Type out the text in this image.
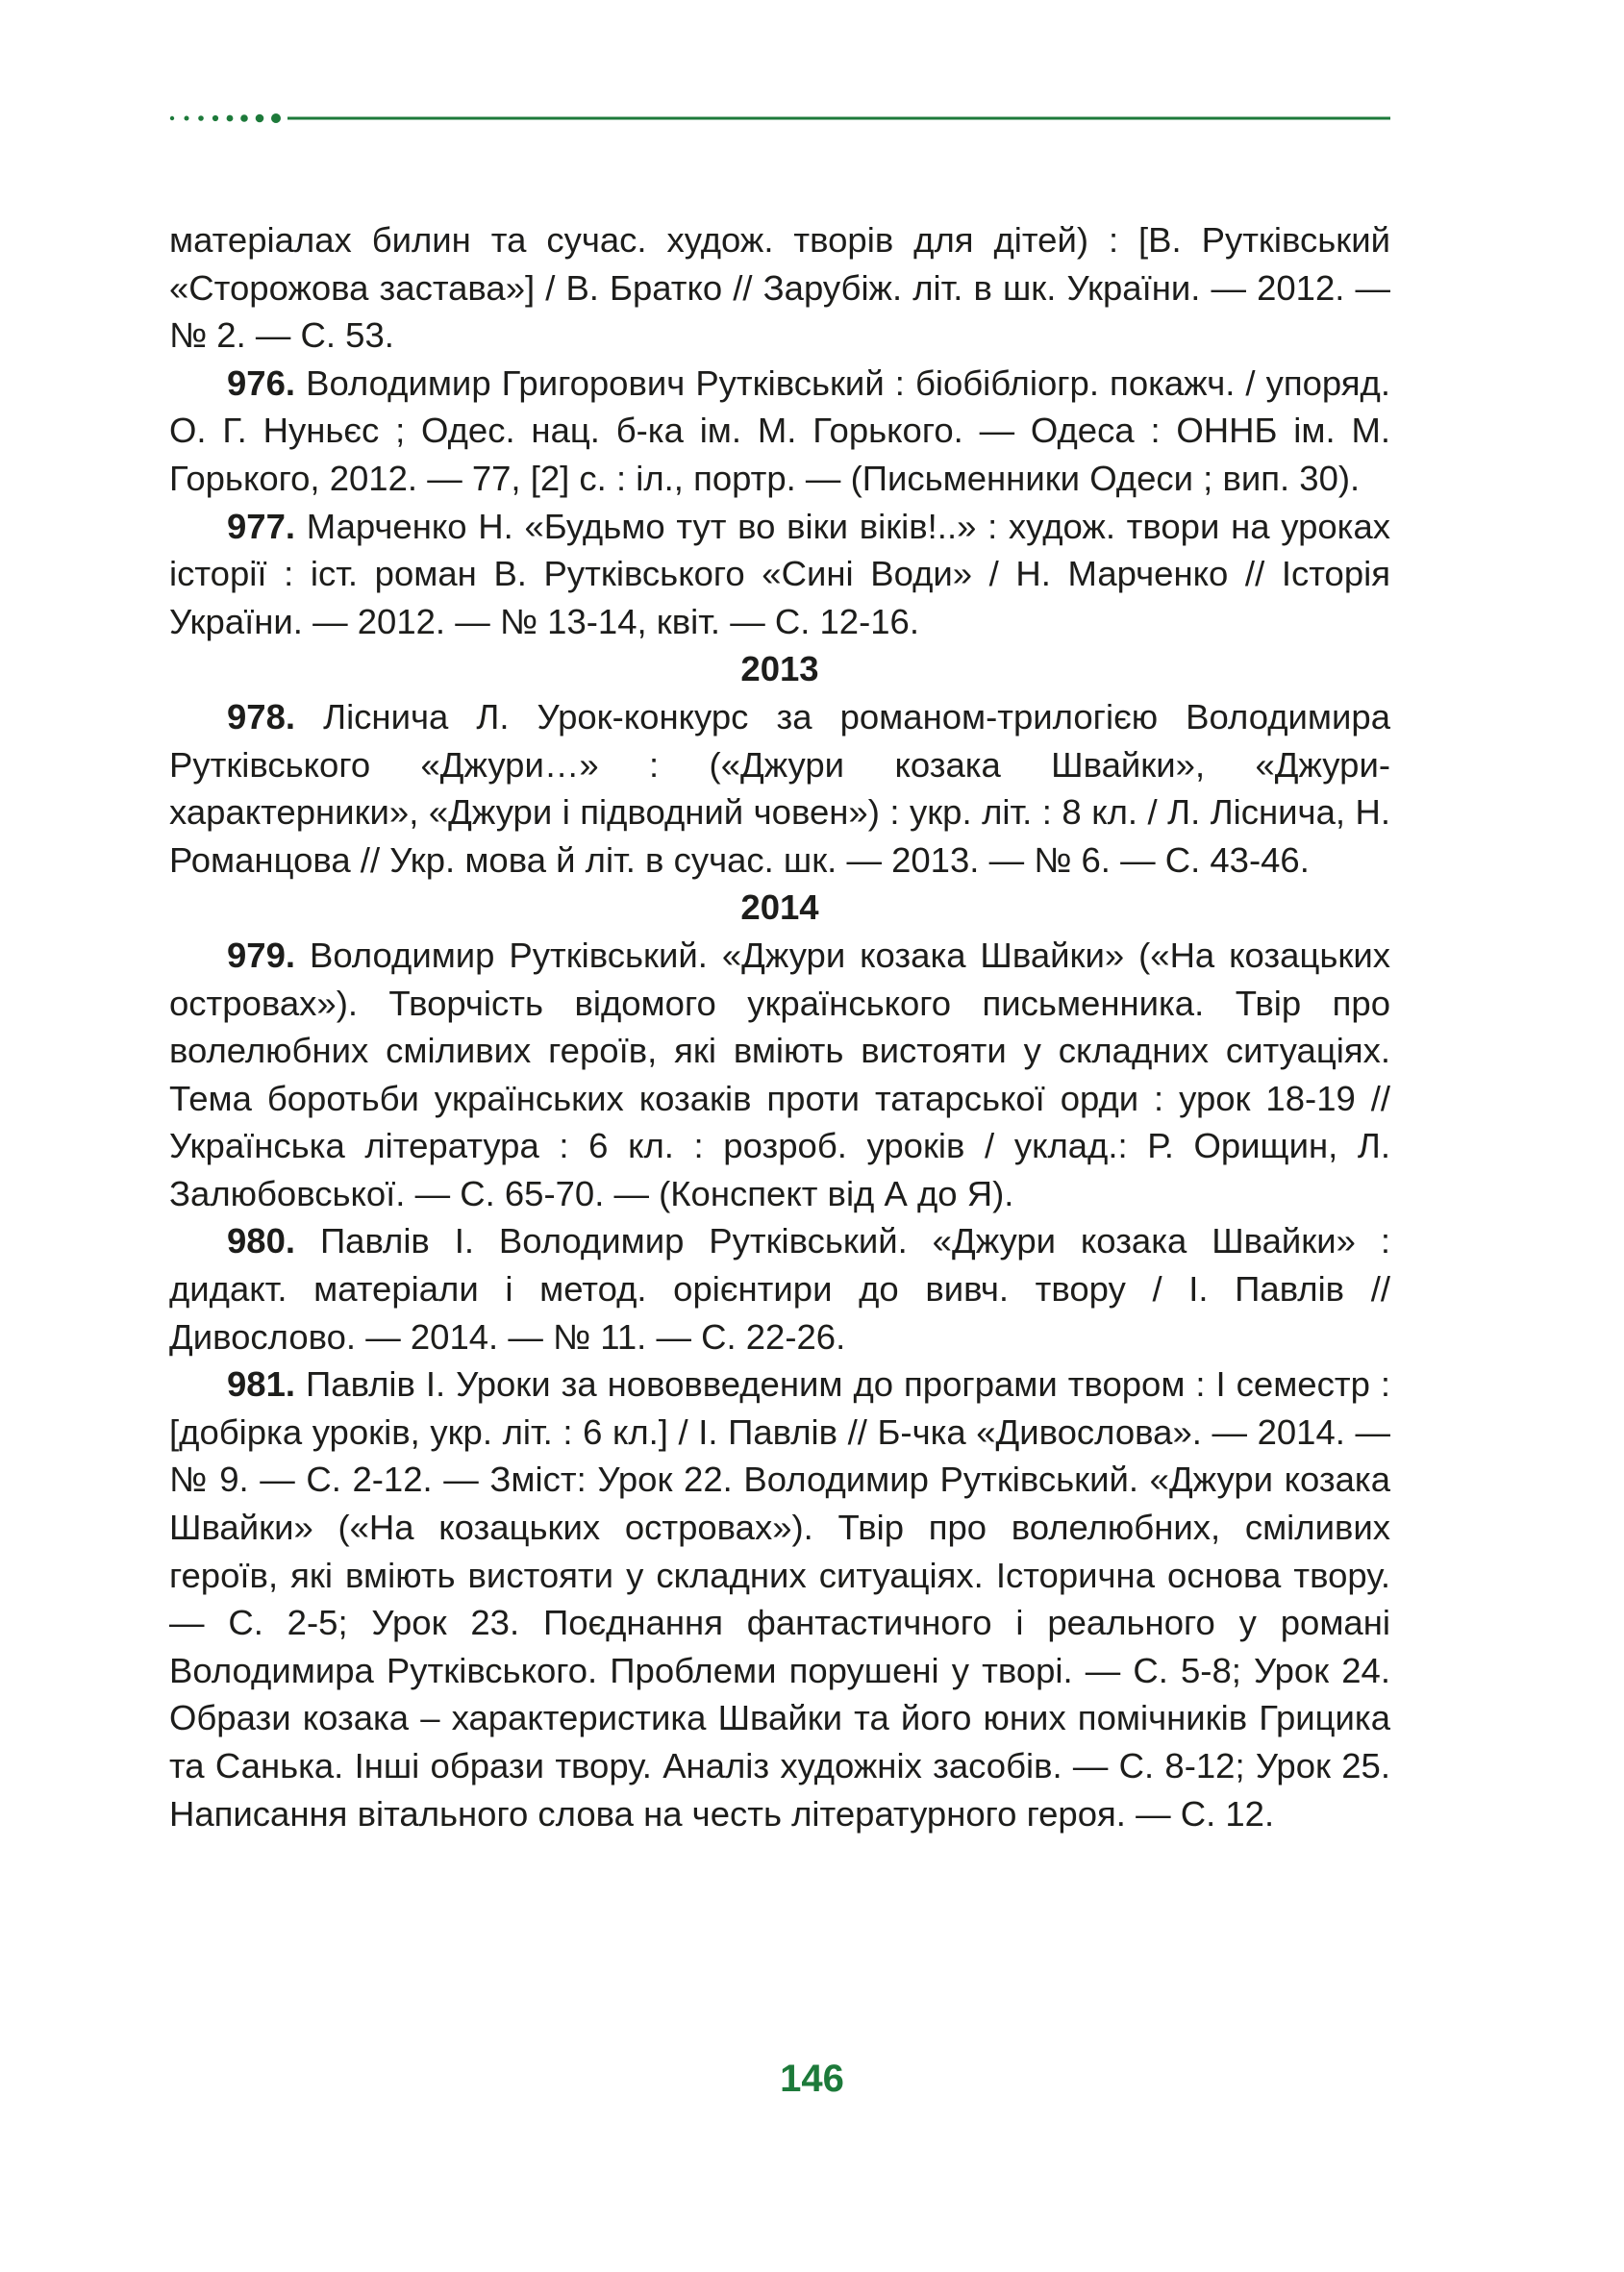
матеріалах билин та сучас. худож. творів для дітей) : [В. Рутківський «Сторожова застава»] / В. Братко // Зарубіж. літ. в шк. України. — 2012. — № 2. — С. 53.

976. Володимир Григорович Рутківський : біобібліогр. покажч. / упоряд. О. Г. Нуньєс ; Одес. нац. б-ка ім. М. Горького. — Одеса : ОННБ ім. М. Горького, 2012. — 77, [2] с. : іл., портр. — (Письменники Одеси ; вип. 30).

977. Марченко Н. «Будьмо тут во віки віків!..» : худож. твори на уроках історії : іст. роман В. Рутківського «Сині Води» / Н. Марченко // Історія України. — 2012. — № 13-14, квіт. — С. 12-16.

2013

978. Ліснича Л. Урок-конкурс за романом-трилогією Володимира Рутківського «Джури…» : («Джури козака Швайки», «Джури-характерники», «Джури і підводний човен») : укр. літ. : 8 кл. / Л. Ліснича, Н. Романцова // Укр. мова й літ. в сучас. шк. — 2013. — № 6. — С. 43-46.

2014

979. Володимир Рутківський. «Джури козака Швайки» («На козацьких островах»). Творчість відомого українського письменника. Твір про волелюбних сміливих героїв, які вміють вистояти у складних ситуаціях. Тема боротьби українських козаків проти татарської орди : урок 18-19 // Українська література : 6 кл. : розроб. уроків / уклад.: Р. Орищин, Л. Залюбовської. — С. 65-70. — (Конспект від А до Я).

980. Павлів І. Володимир Рутківський. «Джури козака Швайки» : дидакт. матеріали і метод. орієнтири до вивч. твору / І. Павлів // Дивослово. — 2014. — № 11. — С. 22-26.

981. Павлів І. Уроки за нововведеним до програми твором : І семестр : [добірка уроків, укр. літ. : 6 кл.] / І. Павлів // Б-чка «Дивослова». — 2014. — № 9. — С. 2-12. — Зміст: Урок 22. Володимир Рутківський. «Джури козака Швайки» («На козацьких островах»). Твір про волелюбних, сміливих героїв, які вміють вистояти у складних ситуаціях. Історична основа твору. — С. 2-5; Урок 23. Поєднання фантастичного і реального у романі Володимира Рутківського. Проблеми порушені у творі. — С. 5-8; Урок 24. Образи козака – характеристика Швайки та його юних помічників Грицика та Санька. Інші образи твору. Аналіз художніх засобів. — С. 8-12; Урок 25. Написання вітального слова на честь літературного героя. — С. 12.

146
